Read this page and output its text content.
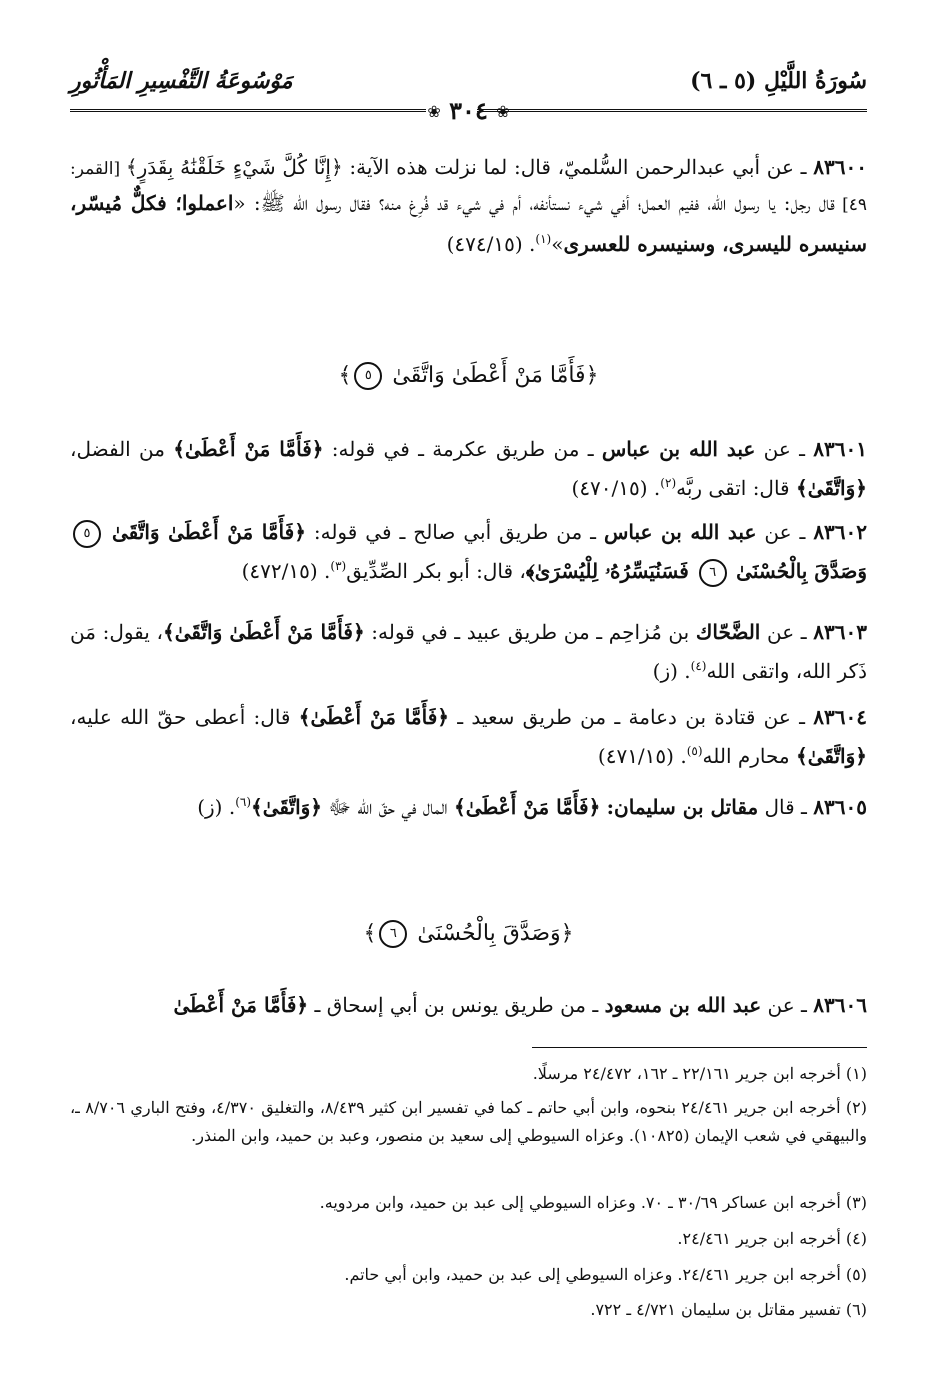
سُورَةُ اللَّيْلِ (٥ ـ ٦)
مَوْسُوعَةُ التَّفْسِيرِ المَأْثُورِ
❀ ٣٠٤ ❀
٨٣٦٠٠ ـ عن أبي عبدالرحمن السُّلميّ، قال: لما نزلت هذه الآية: ﴿إِنَّا كُلَّ شَيْءٍ خَلَقْنَٰهُ بِقَدَرٍ﴾ [القمر: ٤٩] قال رجل: يا رسول الله، ففيم العمل؛ أفي شيء نستأنفه، أم في شيء قد فُرِغ منه؟ فقال رسول الله ﷺ: «اعملوا؛ فكلٌّ مُيسّر، سنيسره لليسرى، وسنيسره للعسرى»$^{(١)}$. (٤٧٤/١٥)
﴿فَأَمَّا مَنْ أَعْطَىٰ وَاتَّقَىٰ ٥﴾
٨٣٦٠١ ـ عن عبد الله بن عباس ـ من طريق عكرمة ـ في قوله: ﴿فَأَمَّا مَنْ أَعْطَىٰ﴾ من الفضل، ﴿وَاتَّقَىٰ﴾ قال: اتقى ربَّه$^{(٢)}$. (٤٧٠/١٥)
٨٣٦٠٢ ـ عن عبد الله بن عباس ـ من طريق أبي صالح ـ في قوله: ﴿فَأَمَّا مَنْ أَعْطَىٰ وَاتَّقَىٰ ٥ وَصَدَّقَ بِالْحُسْنَىٰ ٦ فَسَنُيَسِّرُهُۥ لِلْيُسْرَىٰ﴾، قال: أبو بكر الصِّدِّيق$^{(٣)}$. (٤٧٢/١٥)
٨٣٦٠٣ ـ عن الضَّحّاك بن مُزاحِم ـ من طريق عبيد ـ في قوله: ﴿فَأَمَّا مَنْ أَعْطَىٰ وَاتَّقَىٰ﴾، يقول: مَن ذَكر الله، واتقى الله$^{(٤)}$. (ز)
٨٣٦٠٤ ـ عن قتادة بن دعامة ـ من طريق سعيد ـ ﴿فَأَمَّا مَنْ أَعْطَىٰ﴾ قال: أعطى حقّ الله عليه، ﴿وَاتَّقَىٰ﴾ محارم الله$^{(٥)}$. (٤٧١/١٥)
٨٣٦٠٥ ـ قال مقاتل بن سليمان: ﴿فَأَمَّا مَنْ أَعْطَىٰ﴾ المال في حقّ الله ﷻ ﴿وَاتَّقَىٰ﴾$^{(٦)}$. (ز)
﴿وَصَدَّقَ بِالْحُسْنَىٰ ٦﴾
٨٣٦٠٦ ـ عن عبد الله بن مسعود ـ من طريق يونس بن أبي إسحاق ـ ﴿فَأَمَّا مَنْ أَعْطَىٰ
(١) أخرجه ابن جرير ٢٢/١٦١ ـ ١٦٢، ٢٤/٤٧٢ مرسلًا.
(٢) أخرجه ابن جرير ٢٤/٤٦١ بنحوه، وابن أبي حاتم ـ كما في تفسير ابن كثير ٨/٤٣٩، والتغليق ٤/٣٧٠، وفتح الباري ٨/٧٠٦ ـ، والبيهقي في شعب الإيمان (١٠٨٢٥). وعزاه السيوطي إلى سعيد بن منصور، وعبد بن حميد، وابن المنذر.
(٣) أخرجه ابن عساكر ٣٠/٦٩ ـ ٧٠. وعزاه السيوطي إلى عبد بن حميد، وابن مردويه.
(٤) أخرجه ابن جرير ٢٤/٤٦١.
(٥) أخرجه ابن جرير ٢٤/٤٦١. وعزاه السيوطي إلى عبد بن حميد، وابن أبي حاتم.
(٦) تفسير مقاتل بن سليمان ٤/٧٢١ ـ ٧٢٢.
